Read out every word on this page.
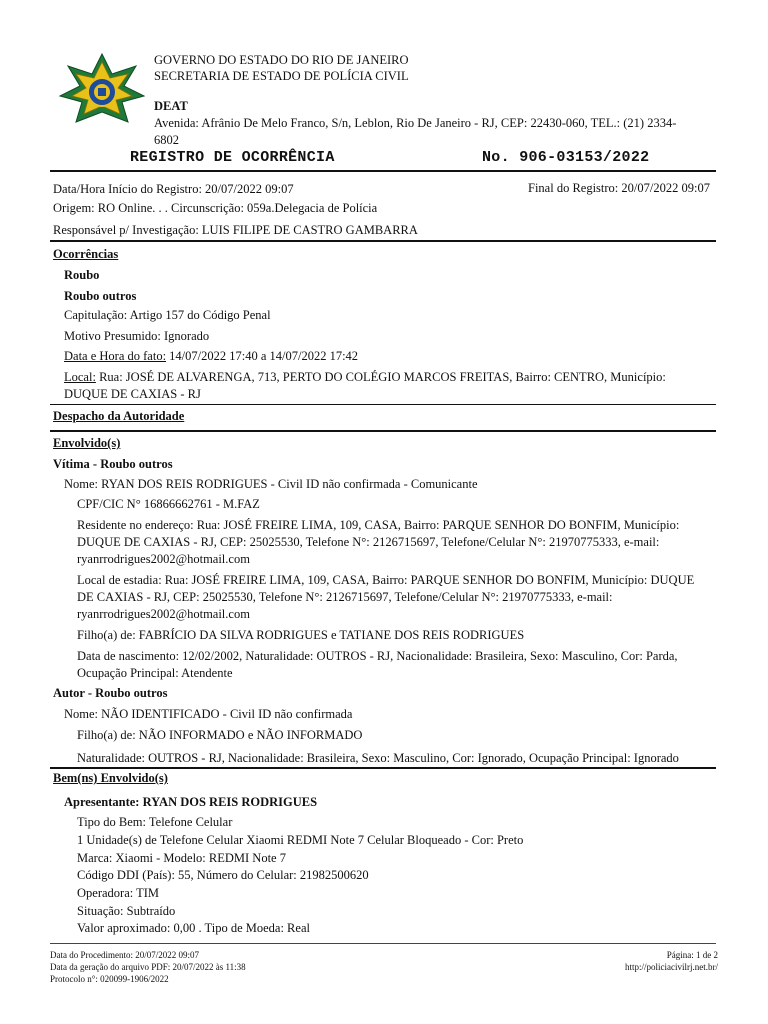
GOVERNO DO ESTADO DO RIO DE JANEIRO
SECRETARIA DE ESTADO DE POLÍCIA CIVIL
DEAT
Avenida: Afrânio De Melo Franco, S/n, Leblon, Rio De Janeiro - RJ, CEP: 22430-060, TEL.: (21) 2334-
6802
REGISTRO DE OCORRÊNCIA	No. 906-03153/2022
Data/Hora Início do Registro: 20/07/2022 09:07	Final do Registro: 20/07/2022 09:07
Origem: RO Online. . . Circunscrição: 059a.Delegacia de Polícia
Responsável p/ Investigação: LUIS FILIPE DE CASTRO GAMBARRA
Ocorrências
Roubo
Roubo outros
Capitulação: Artigo 157 do Código Penal
Motivo Presumido: Ignorado
Data e Hora do fato: 14/07/2022 17:40 a 14/07/2022 17:42
Local: Rua: JOSÉ DE ALVARENGA, 713, PERTO DO COLÉGIO MARCOS FREITAS, Bairro: CENTRO, Município:
DUQUE DE CAXIAS - RJ
Despacho da Autoridade
Envolvido(s)
Vítima - Roubo outros
Nome: RYAN DOS REIS RODRIGUES - Civil ID não confirmada - Comunicante
CPF/CIC N° 16866662761 - M.FAZ
Residente no endereço: Rua: JOSÉ FREIRE LIMA, 109, CASA, Bairro: PARQUE SENHOR DO BONFIM, Município:
DUQUE DE CAXIAS - RJ, CEP: 25025530, Telefone N°: 2126715697, Telefone/Celular N°: 21970775333, e-mail:
ryanrrodrigues2002@hotmail.com
Local de estadia: Rua: JOSÉ FREIRE LIMA, 109, CASA, Bairro: PARQUE SENHOR DO BONFIM, Município: DUQUE
DE CAXIAS - RJ, CEP: 25025530, Telefone N°: 2126715697, Telefone/Celular N°: 21970775333, e-mail:
ryanrrodrigues2002@hotmail.com
Filho(a) de: FABRÍCIO DA SILVA RODRIGUES e TATIANE DOS REIS RODRIGUES
Data de nascimento: 12/02/2002, Naturalidade: OUTROS - RJ, Nacionalidade: Brasileira, Sexo: Masculino, Cor: Parda,
Ocupação Principal: Atendente
Autor - Roubo outros
Nome: NÃO IDENTIFICADO - Civil ID não confirmada
Filho(a) de: NÃO INFORMADO e NÃO INFORMADO
Naturalidade: OUTROS - RJ, Nacionalidade: Brasileira, Sexo: Masculino, Cor: Ignorado, Ocupação Principal: Ignorado
Bem(ns) Envolvido(s)
Apresentante: RYAN DOS REIS RODRIGUES
Tipo do Bem: Telefone Celular
1 Unidade(s) de Telefone Celular Xiaomi REDMI Note 7 Celular Bloqueado - Cor: Preto
Marca: Xiaomi - Modelo: REDMI Note 7
Código DDI (País): 55, Número do Celular: 21982500620
Operadora: TIM
Situação: Subtraído
Valor aproximado: 0,00 . Tipo de Moeda: Real
Data do Procedimento: 20/07/2022 09:07
Data da geração do arquivo PDF: 20/07/2022 às 11:38
Protocolo n°: 020099-1906/2022
Página: 1 de 2
http://policiacivilrj.net.br/
